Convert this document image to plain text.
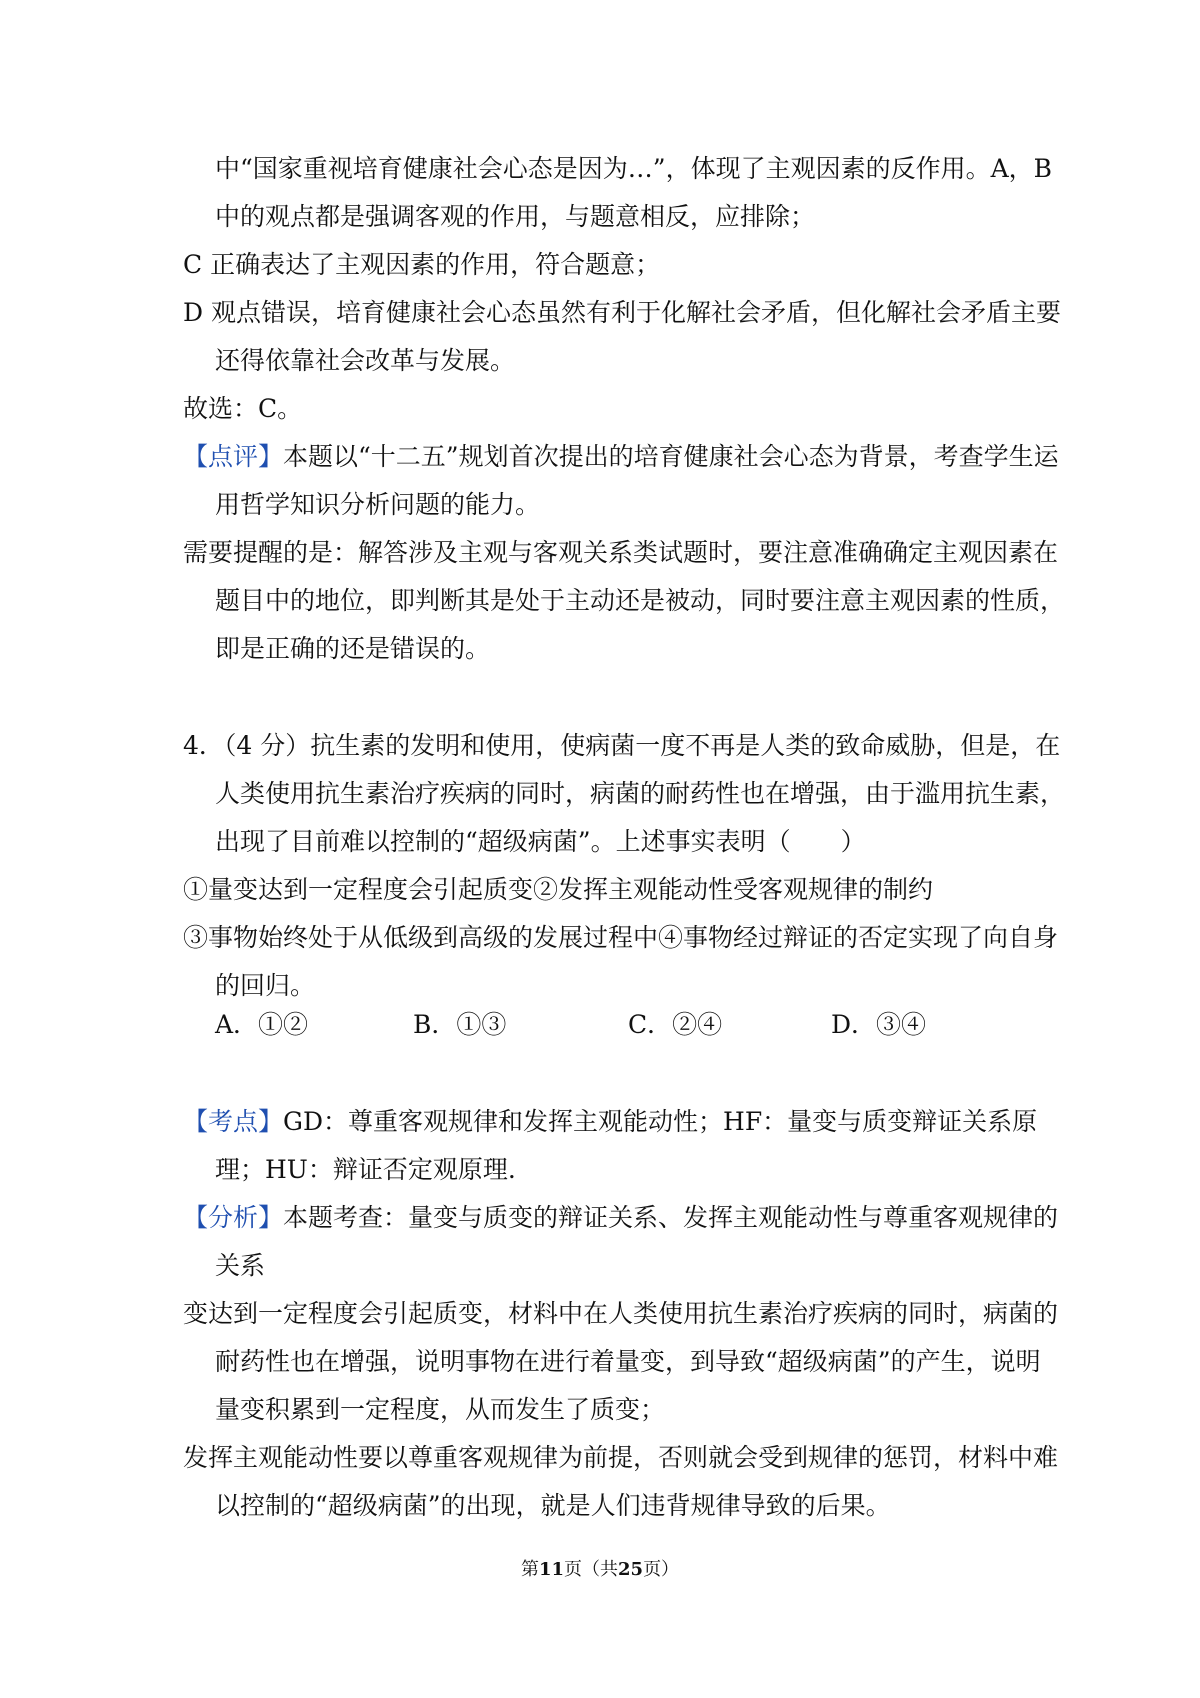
中“国家重视培育健康社会心态是因为…”，体现了主观因素的反作用。A，B 中的观点都是强调客观的作用，与题意相反，应排除；

C 正确表达了主观因素的作用，符合题意；

D 观点错误，培育健康社会心态虽然有利于化解社会矛盾，但化解社会矛盾主要还得依靠社会改革与发展。

故选：C。

【点评】本题以“十二五”规划首次提出的培育健康社会心态为背景，考查学生运用哲学知识分析问题的能力。

需要提醒的是：解答涉及主观与客观关系类试题时，要注意准确确定主观因素在题目中的地位，即判断其是处于主动还是被动，同时要注意主观因素的性质，即是正确的还是错误的。

4．（4 分）抗生素的发明和使用，使病菌一度不再是人类的致命威胁，但是，在人类使用抗生素治疗疾病的同时，病菌的耐药性也在增强，由于滥用抗生素，出现了目前难以控制的“超级病菌”。上述事实表明（　　）

①量变达到一定程度会引起质变②发挥主观能动性受客观规律的制约

③事物始终处于从低级到高级的发展过程中④事物经过辩证的否定实现了向自身的回归。

A．①②	B．①③	C．②④	D．③④

【考点】GD：尊重客观规律和发挥主观能动性；HF：量变与质变辩证关系原理；HU：辩证否定观原理.

【分析】本题考查：量变与质变的辩证关系、发挥主观能动性与尊重客观规律的关系

变达到一定程度会引起质变，材料中在人类使用抗生素治疗疾病的同时，病菌的耐药性也在增强，说明事物在进行着量变，到导致“超级病菌”的产生，说明量变积累到一定程度，从而发生了质变；

发挥主观能动性要以尊重客观规律为前提，否则就会受到规律的惩罚，材料中难以控制的“超级病菌”的出现，就是人们违背规律导致的后果。

第11页（共25页）
